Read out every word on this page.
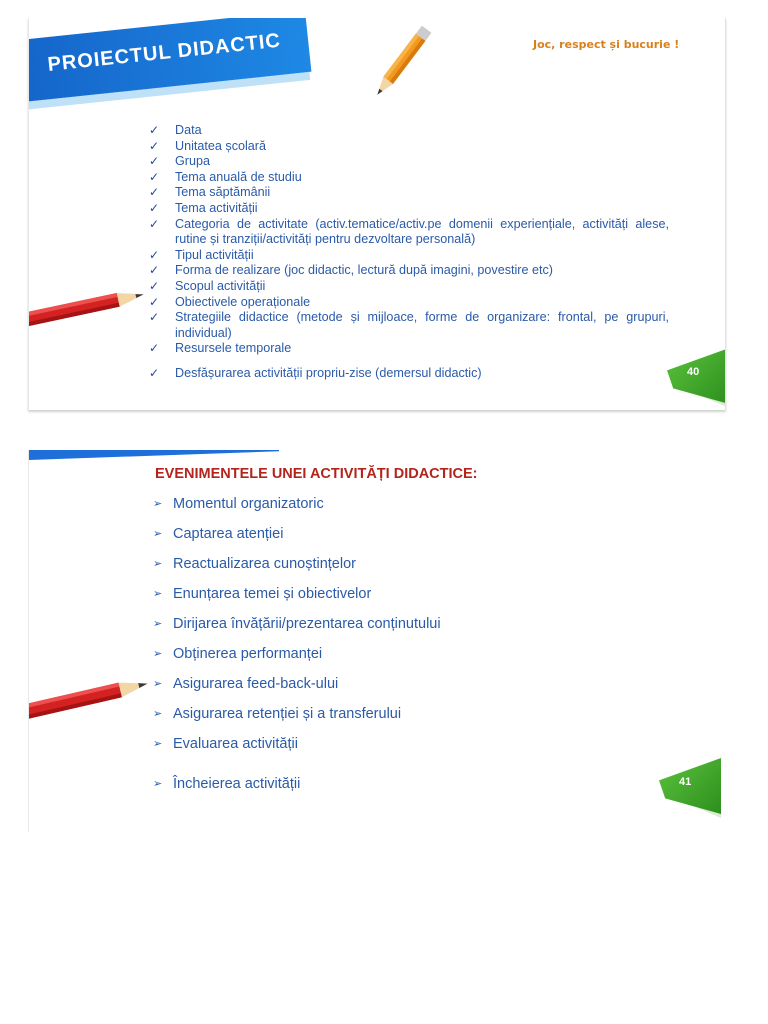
PROIECTUL DIDACTIC	Joc, respect și bucurie !
✓ Data
✓ Unitatea școlară
✓ Grupa
✓ Tema anuală de studiu
✓ Tema săptămânii
✓ Tema activității
✓ Categoria de activitate (activ.tematice/activ.pe domenii experiențiale, activități alese, rutine și tranziții/activități pentru dezvoltare personală)
✓ Tipul activității
✓ Forma de realizare (joc didactic, lectură după imagini, povestire etc)
✓ Scopul activității
✓ Obiectivele operaționale
✓ Strategiile didactice (metode și mijloace, forme de organizare: frontal, pe grupuri, individual)
✓ Resursele temporale
✓ Desfășurarea activității propriu-zise (demersul didactic)	40
EVENIMENTELE UNEI ACTIVITĂȚI DIDACTICE:
➢ Momentul organizatoric
➢ Captarea atenției
➢ Reactualizarea cunoștințelor
➢ Enunțarea temei și obiectivelor
➢ Dirijarea învățării/prezentarea conținutului
➢ Obținerea performanței
➢ Asigurarea feed-back-ului
➢ Asigurarea retenției și a transferului
➢ Evaluarea activității
➢ Încheierea activității	41
